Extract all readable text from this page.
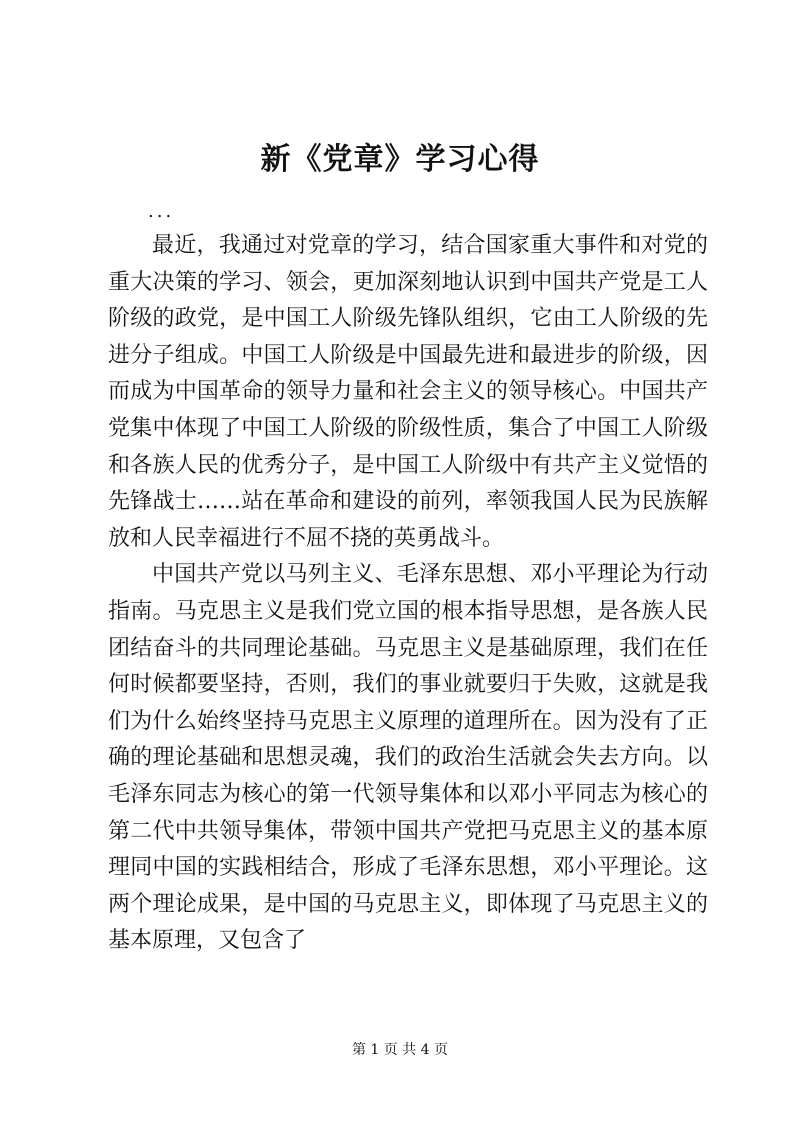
新《党章》学习心得
...

最近，我通过对党章的学习，结合国家重大事件和对党的重大决策的学习、领会，更加深刻地认识到中国共产党是工人阶级的政党，是中国工人阶级先锋队组织，它由工人阶级的先进分子组成。中国工人阶级是中国最先进和最进步的阶级，因而成为中国革命的领导力量和社会主义的领导核心。中国共产党集中体现了中国工人阶级的阶级性质，集合了中国工人阶级和各族人民的优秀分子，是中国工人阶级中有共产主义觉悟的先锋战士……站在革命和建设的前列，率领我国人民为民族解放和人民幸福进行不屈不挠的英勇战斗。

中国共产党以马列主义、毛泽东思想、邓小平理论为行动指南。马克思主义是我们党立国的根本指导思想，是各族人民团结奋斗的共同理论基础。马克思主义是基础原理，我们在任何时候都要坚持，否则，我们的事业就要归于失败，这就是我们为什么始终坚持马克思主义原理的道理所在。因为没有了正确的理论基础和思想灵魂，我们的政治生活就会失去方向。以毛泽东同志为核心的第一代领导集体和以邓小平同志为核心的第二代中共领导集体，带领中国共产党把马克思主义的基本原理同中国的实践相结合，形成了毛泽东思想，邓小平理论。这两个理论成果，是中国的马克思主义，即体现了马克思主义的基本原理，又包含了

第 1 页 共 4 页
